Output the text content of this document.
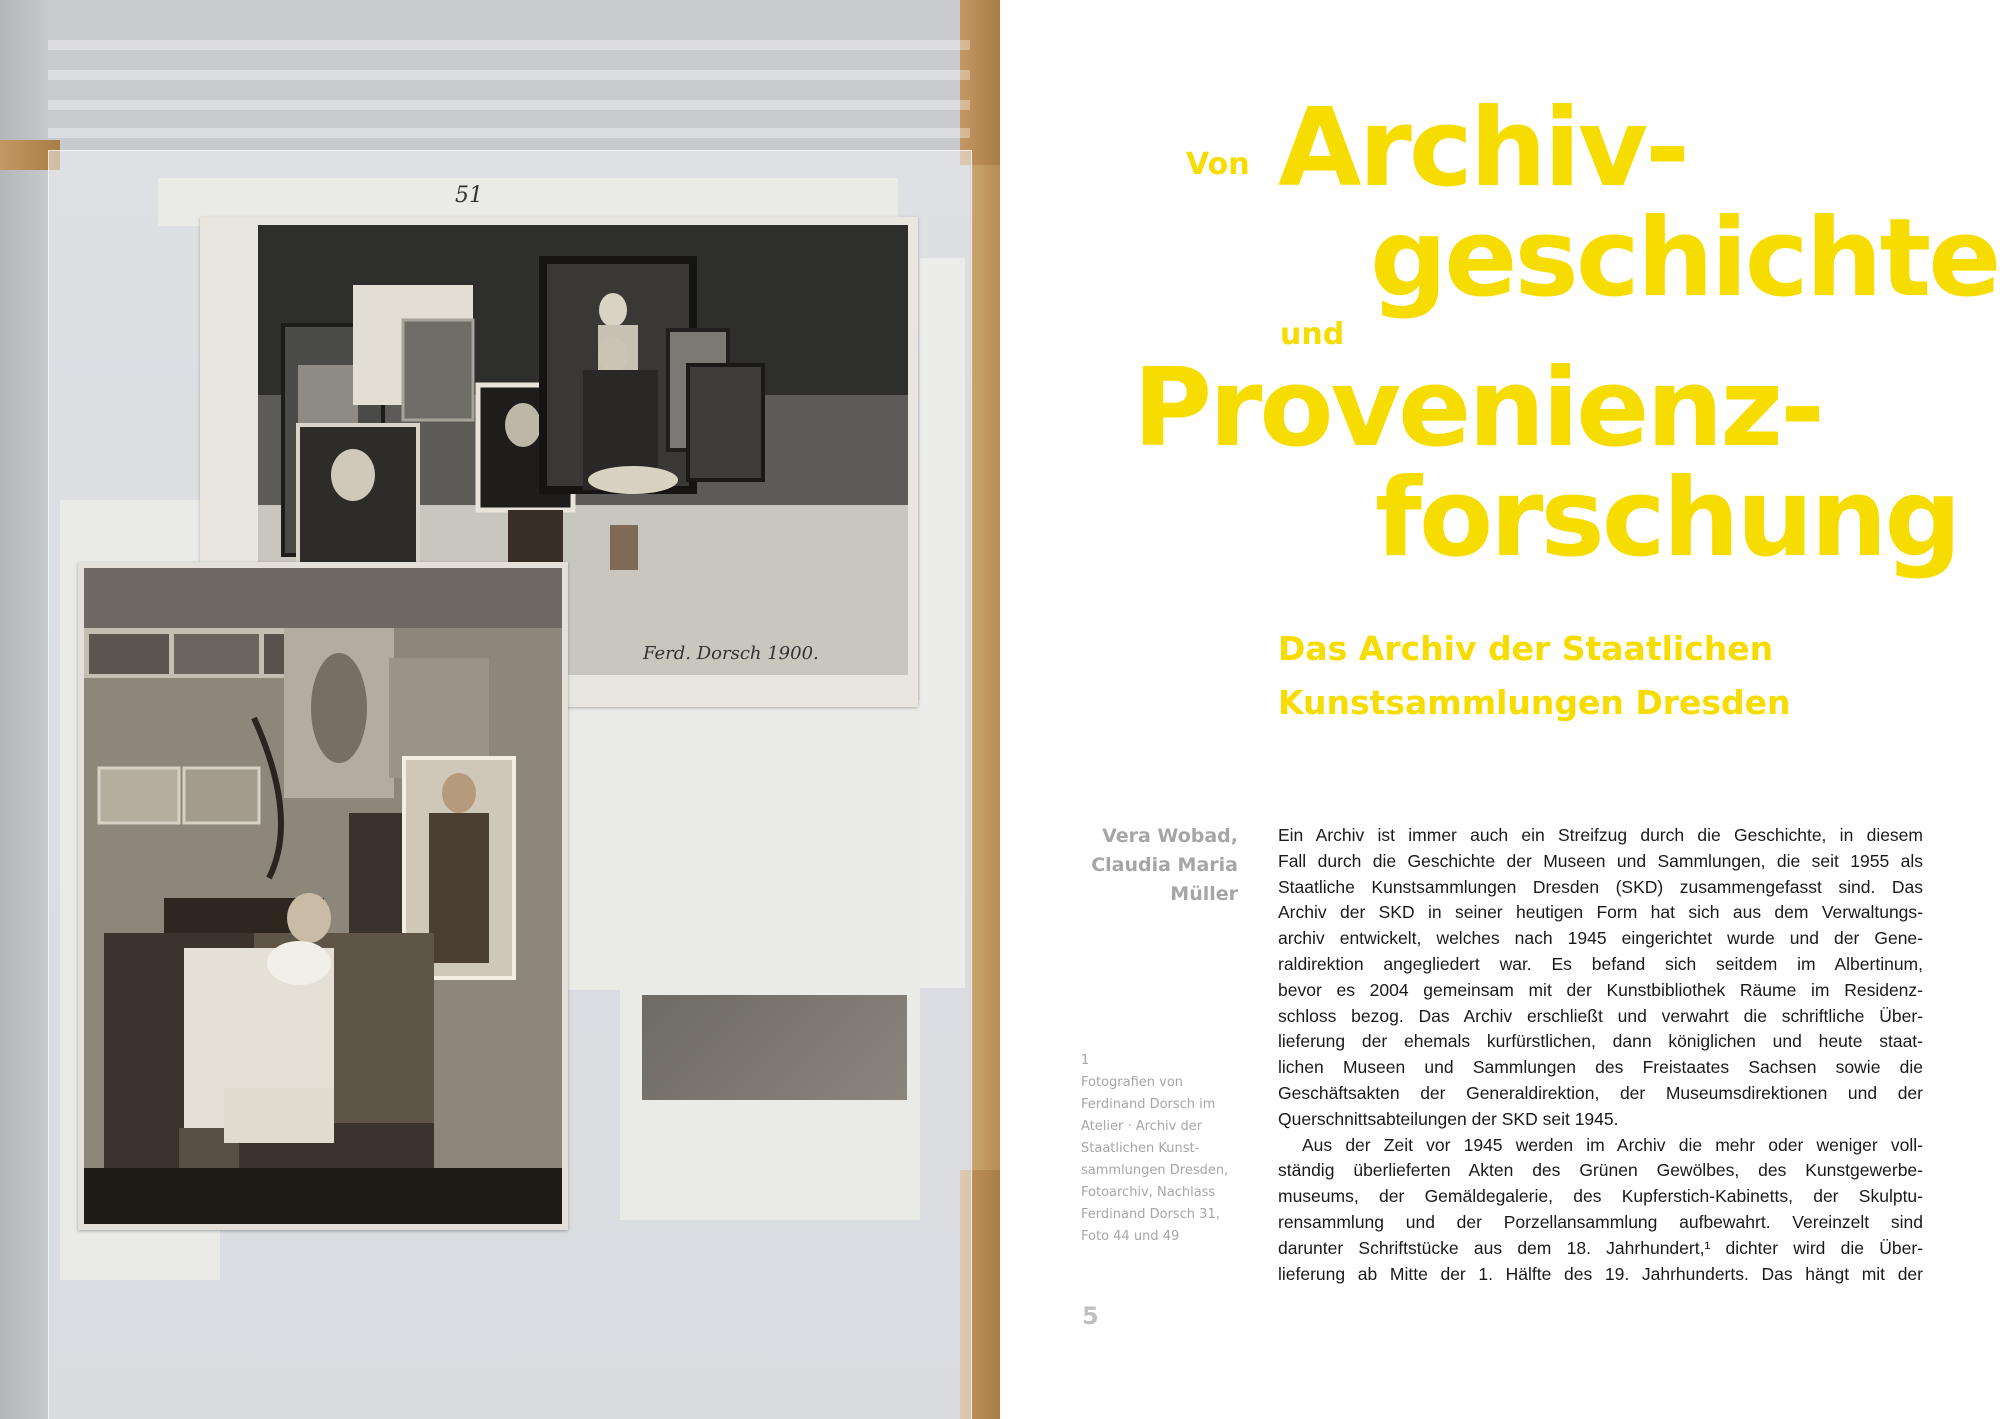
51
Ferd. Dorsch 1900.
Von Archiv-
geschichte
und
Provenienz-
forschung
Das Archiv der Staatlichen
Kunstsammlungen Dresden
Vera Wobad,
Claudia Maria
Müller
1
Fotografien von
Ferdinand Dorsch im
Atelier · Archiv der
Staatlichen Kunst-
sammlungen Dresden,
Fotoarchiv, Nachlass
Ferdinand Dorsch 31,
Foto 44 und 49
5
Ein Archiv ist immer auch ein Streifzug durch die Geschichte, in diesem
Fall durch die Geschichte der Museen und Sammlungen, die seit 1955 als
Staatliche Kunstsammlungen Dresden (SKD) zusammengefasst sind. Das
Archiv der SKD in seiner heutigen Form hat sich aus dem Verwaltungs-
archiv entwickelt, welches nach 1945 eingerichtet wurde und der Gene-
raldirektion angegliedert war. Es befand sich seitdem im Albertinum,
bevor es 2004 gemeinsam mit der Kunstbibliothek Räume im Residenz-
schloss bezog. Das Archiv erschließt und verwahrt die schriftliche Über-
lieferung der ehemals kurfürstlichen, dann königlichen und heute staat-
lichen Museen und Sammlungen des Freistaates Sachsen sowie die
Geschäftsakten der Generaldirektion, der Museumsdirektionen und der
Querschnittsabteilungen der SKD seit 1945.
Aus der Zeit vor 1945 werden im Archiv die mehr oder weniger voll-
ständig überlieferten Akten des Grünen Gewölbes, des Kunstgewerbe-
museums, der Gemäldegalerie, des Kupferstich-Kabinetts, der Skulptu-
rensammlung und der Porzellansammlung aufbewahrt. Vereinzelt sind
darunter Schriftstücke aus dem 18. Jahrhundert,¹ dichter wird die Über-
lieferung ab Mitte der 1. Hälfte des 19. Jahrhunderts. Das hängt mit der
